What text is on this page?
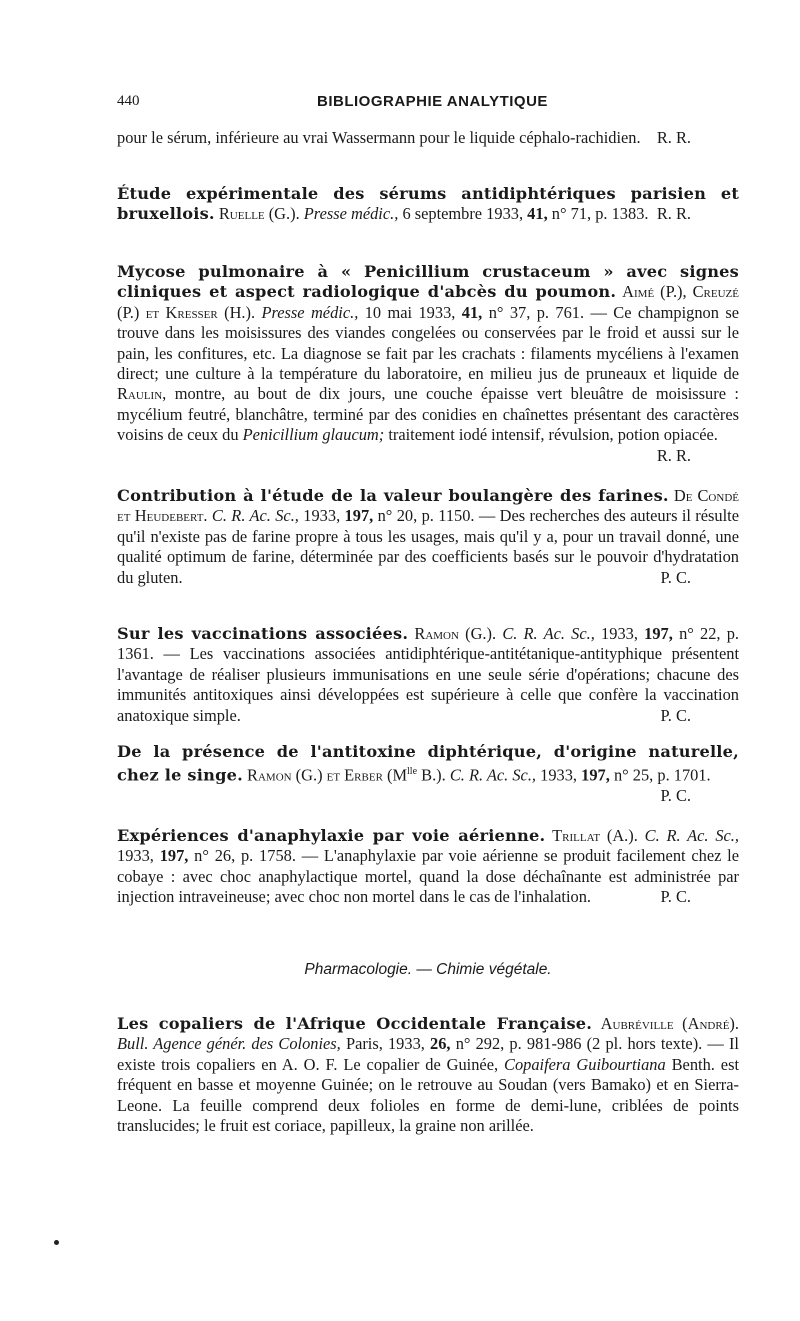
440	BIBLIOGRAPHIE ANALYTIQUE

pour le sérum, inférieure au vrai Wassermann pour le liquide céphalo-rachidien. R. R.

Étude expérimentale des sérums antidiphtériques parisien et bruxellois. Ruelle (G.). Presse médic., 6 septembre 1933, 41, n° 71, p. 1383. R. R.

Mycose pulmonaire à « Penicillium crustaceum » avec signes cliniques et aspect radiologique d'abcès du poumon. Aimé (P.), Creuzé (P.) et Kresser (H.). Presse médic., 10 mai 1933, 41, n° 37, p. 761. — Ce champignon se trouve dans les moisissures des viandes congelées ou conservées par le froid et aussi sur le pain, les confitures, etc. La diagnose se fait par les crachats : filaments mycéliens à l'examen direct; une culture à la température du laboratoire, en milieu jus de pruneaux et liquide de Raulin, montre, au bout de dix jours, une couche épaisse vert bleuâtre de moisissure : mycélium feutré, blanchâtre, terminé par des conidies en chaînettes présentant des caractères voisins de ceux du Penicillium glaucum; traitement iodé intensif, révulsion, potion opiacée.
R. R.

Contribution à l'étude de la valeur boulangère des farines. De Condé et Heudebert. C. R. Ac. Sc., 1933, 197, n° 20, p. 1150. — Des recherches des auteurs il résulte qu'il n'existe pas de farine propre à tous les usages, mais qu'il y a, pour un travail donné, une qualité optimum de farine, déterminée par des coefficients basés sur le pouvoir d'hydratation du gluten.	P. C.

Sur les vaccinations associées. Ramon (G.). C. R. Ac. Sc., 1933, 197, n° 22, p. 1361. — Les vaccinations associées antidiphtérique-antitétanique-antityphique présentent l'avantage de réaliser plusieurs immunisations en une seule série d'opérations; chacune des immunités antitoxiques ainsi développées est supérieure à celle que confère la vaccination anatoxique simple.	P. C.

De la présence de l'antitoxine diphtérique, d'origine naturelle, chez le singe. Ramon (G.) et Erber ($M^{lle}$ B.). C. R. Ac. Sc., 1933, 197, n° 25, p. 1701.
P. C.

Expériences d'anaphylaxie par voie aérienne. Trillat (A.). C. R. Ac. Sc., 1933, 197, n° 26, p. 1758. — L'anaphylaxie par voie aérienne se produit facilement chez le cobaye : avec choc anaphylactique mortel, quand la dose déchaînante est administrée par injection intraveineuse; avec choc non mortel dans le cas de l'inhalation.	P. C.

Pharmacologie. — Chimie végétale.

Les copaliers de l'Afrique Occidentale Française. Aubréville (André). Bull. Agence génér. des Colonies, Paris, 1933, 26, n° 292, p. 981-986 (2 pl. hors texte). — Il existe trois copaliers en A. O. F. Le copalier de Guinée, Copaifera Guibourtiana Benth. est fréquent en basse et moyenne Guinée; on le retrouve au Soudan (vers Bamako) et en Sierra-Leone. La feuille comprend deux folioles en forme de demi-lune, criblées de points translucides; le fruit est coriace, papilleux, la graine non arillée.
